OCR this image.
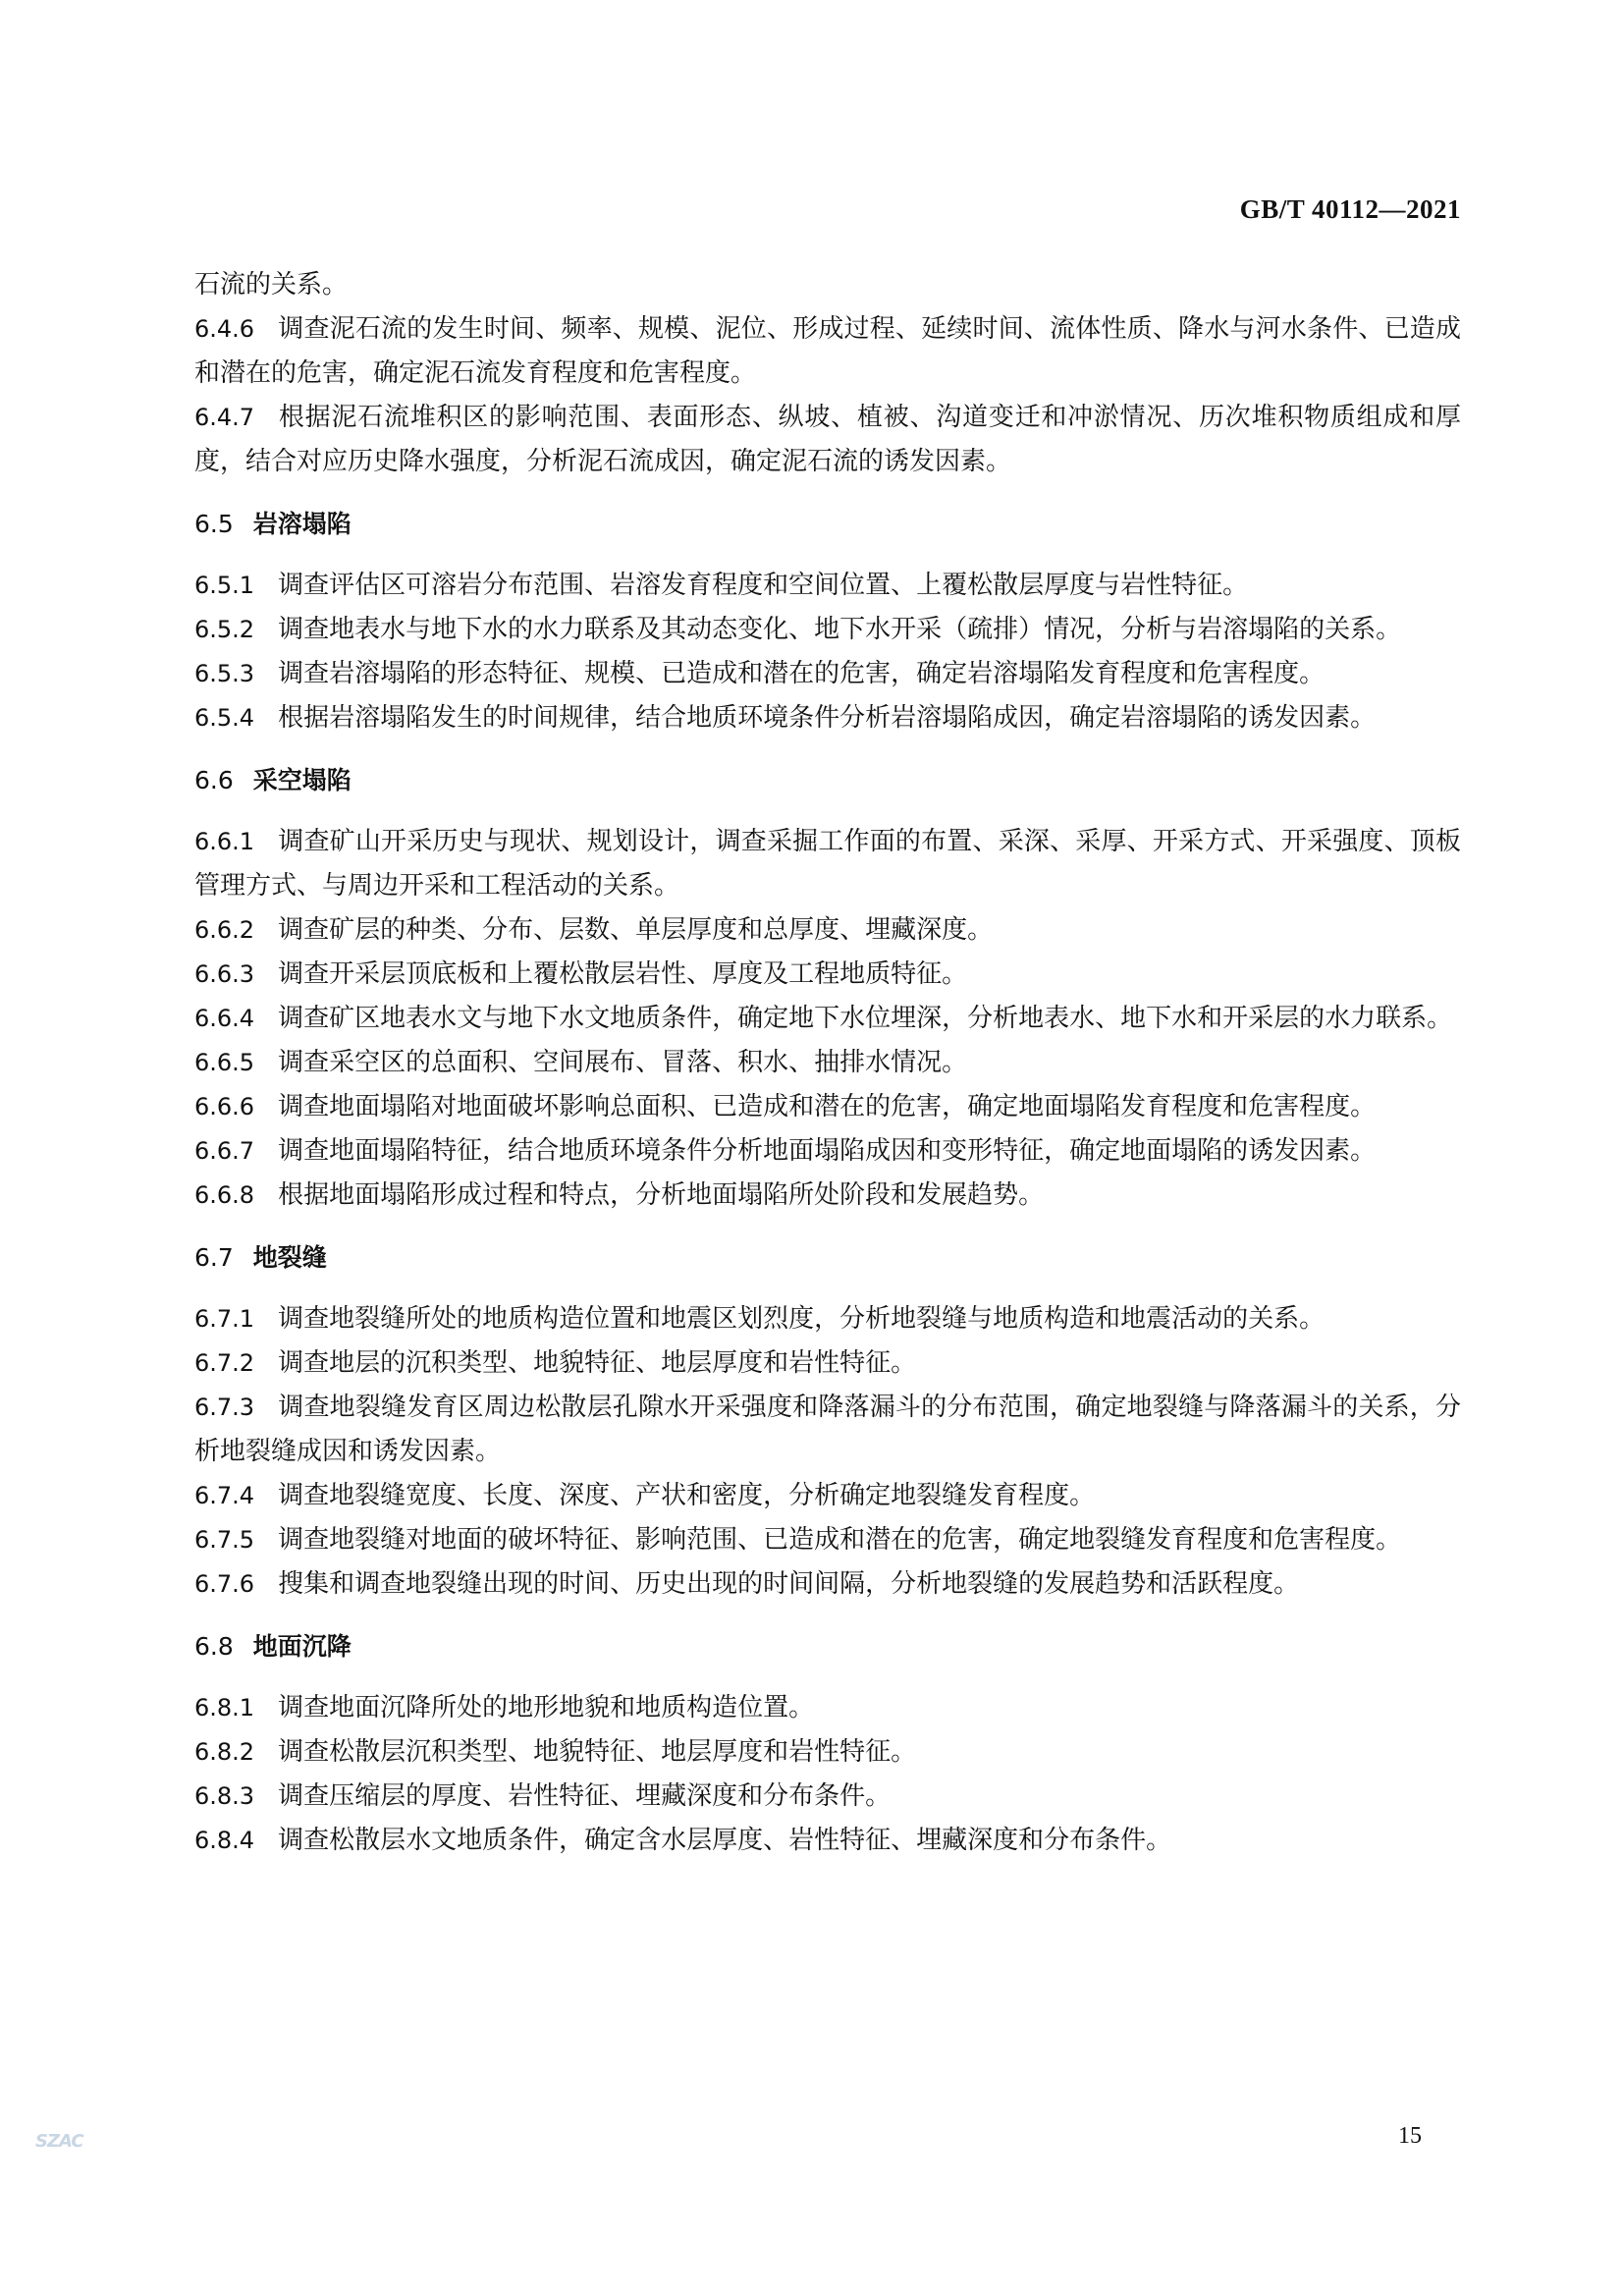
GB/T 40112—2021
石流的关系。
6.4.6 调查泥石流的发生时间、频率、规模、泥位、形成过程、延续时间、流体性质、降水与河水条件、已造成和潜在的危害，确定泥石流发育程度和危害程度。
6.4.7 根据泥石流堆积区的影响范围、表面形态、纵坡、植被、沟道变迁和冲淤情况、历次堆积物质组成和厚度，结合对应历史降水强度，分析泥石流成因，确定泥石流的诱发因素。
6.5 岩溶塌陷
6.5.1 调查评估区可溶岩分布范围、岩溶发育程度和空间位置、上覆松散层厚度与岩性特征。
6.5.2 调查地表水与地下水的水力联系及其动态变化、地下水开采（疏排）情况，分析与岩溶塌陷的关系。
6.5.3 调查岩溶塌陷的形态特征、规模、已造成和潜在的危害，确定岩溶塌陷发育程度和危害程度。
6.5.4 根据岩溶塌陷发生的时间规律，结合地质环境条件分析岩溶塌陷成因，确定岩溶塌陷的诱发因素。
6.6 采空塌陷
6.6.1 调查矿山开采历史与现状、规划设计，调查采掘工作面的布置、采深、采厚、开采方式、开采强度、顶板管理方式、与周边开采和工程活动的关系。
6.6.2 调查矿层的种类、分布、层数、单层厚度和总厚度、埋藏深度。
6.6.3 调查开采层顶底板和上覆松散层岩性、厚度及工程地质特征。
6.6.4 调查矿区地表水文与地下水文地质条件，确定地下水位埋深，分析地表水、地下水和开采层的水力联系。
6.6.5 调查采空区的总面积、空间展布、冒落、积水、抽排水情况。
6.6.6 调查地面塌陷对地面破坏影响总面积、已造成和潜在的危害，确定地面塌陷发育程度和危害程度。
6.6.7 调查地面塌陷特征，结合地质环境条件分析地面塌陷成因和变形特征，确定地面塌陷的诱发因素。
6.6.8 根据地面塌陷形成过程和特点，分析地面塌陷所处阶段和发展趋势。
6.7 地裂缝
6.7.1 调查地裂缝所处的地质构造位置和地震区划烈度，分析地裂缝与地质构造和地震活动的关系。
6.7.2 调查地层的沉积类型、地貌特征、地层厚度和岩性特征。
6.7.3 调查地裂缝发育区周边松散层孔隙水开采强度和降落漏斗的分布范围，确定地裂缝与降落漏斗的关系，分析地裂缝成因和诱发因素。
6.7.4 调查地裂缝宽度、长度、深度、产状和密度，分析确定地裂缝发育程度。
6.7.5 调查地裂缝对地面的破坏特征、影响范围、已造成和潜在的危害，确定地裂缝发育程度和危害程度。
6.7.6 搜集和调查地裂缝出现的时间、历史出现的时间间隔，分析地裂缝的发展趋势和活跃程度。
6.8 地面沉降
6.8.1 调查地面沉降所处的地形地貌和地质构造位置。
6.8.2 调查松散层沉积类型、地貌特征、地层厚度和岩性特征。
6.8.3 调查压缩层的厚度、岩性特征、埋藏深度和分布条件。
6.8.4 调查松散层水文地质条件，确定含水层厚度、岩性特征、埋藏深度和分布条件。
15
SZAC
